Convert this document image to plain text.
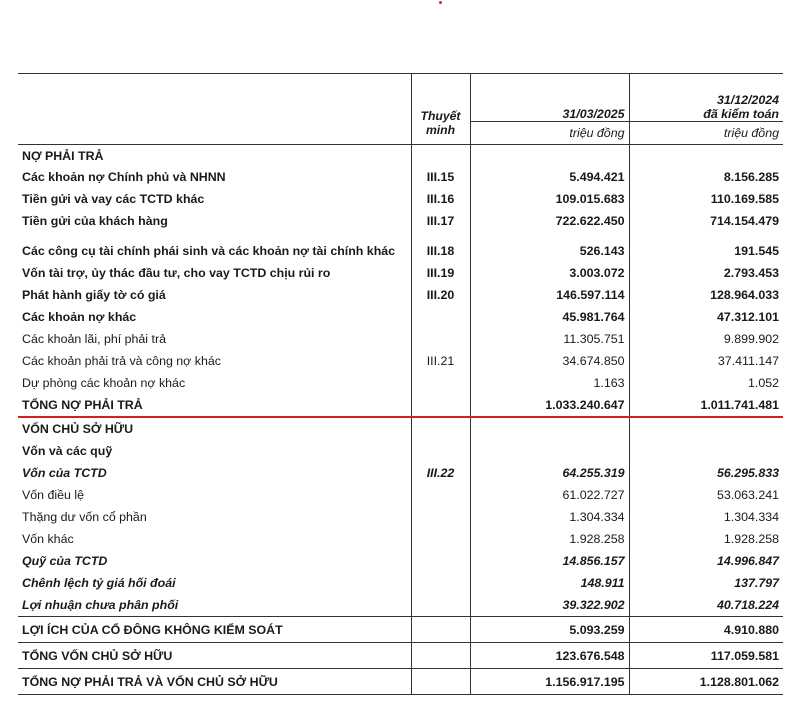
	Thuyết minh	31/03/2025	31/12/2024
đã kiểm toán

		triệu đồng	triệu đồng
NỢ PHẢI TRẢ			
Các khoản nợ Chính phủ và NHNN	III.15	5.494.421	8.156.285
Tiền gửi và vay các TCTD khác	III.16	109.015.683	110.169.585
Tiền gửi của khách hàng	III.17	722.622.450	714.154.479

Các công cụ tài chính phái sinh và các khoản nợ tài chính khác	III.18	526.143	191.545
Vốn tài trợ, ủy thác đầu tư, cho vay TCTD chịu rủi ro	III.19	3.003.072	2.793.453
Phát hành giấy tờ có giá	III.20	146.597.114	128.964.033
Các khoản nợ khác		45.981.764	47.312.101
Các khoản lãi, phí phải trả		11.305.751	9.899.902
Các khoản phải trả và công nợ khác	III.21	34.674.850	37.411.147
Dự phòng các khoản nợ khác		1.163	1.052
TỔNG NỢ PHẢI TRẢ		1.033.240.647	1.011.741.481
VỐN CHỦ SỞ HỮU			
Vốn và các quỹ			
Vốn của TCTD	III.22	64.255.319	56.295.833
Vốn điều lệ		61.022.727	53.063.241
Thặng dư vốn cổ phần		1.304.334	1.304.334
Vốn khác		1.928.258	1.928.258
Quỹ của TCTD		14.856.157	14.996.847
Chênh lệch tỷ giá hối đoái		148.911	137.797
Lợi nhuận chưa phân phối		39.322.902	40.718.224
LỢI ÍCH CỦA CỔ ĐÔNG KHÔNG KIỂM SOÁT		5.093.259	4.910.880
TỔNG VỐN CHỦ SỞ HỮU		123.676.548	117.059.581
TỔNG NỢ PHẢI TRẢ VÀ VỐN CHỦ SỞ HỮU		1.156.917.195	1.128.801.062
